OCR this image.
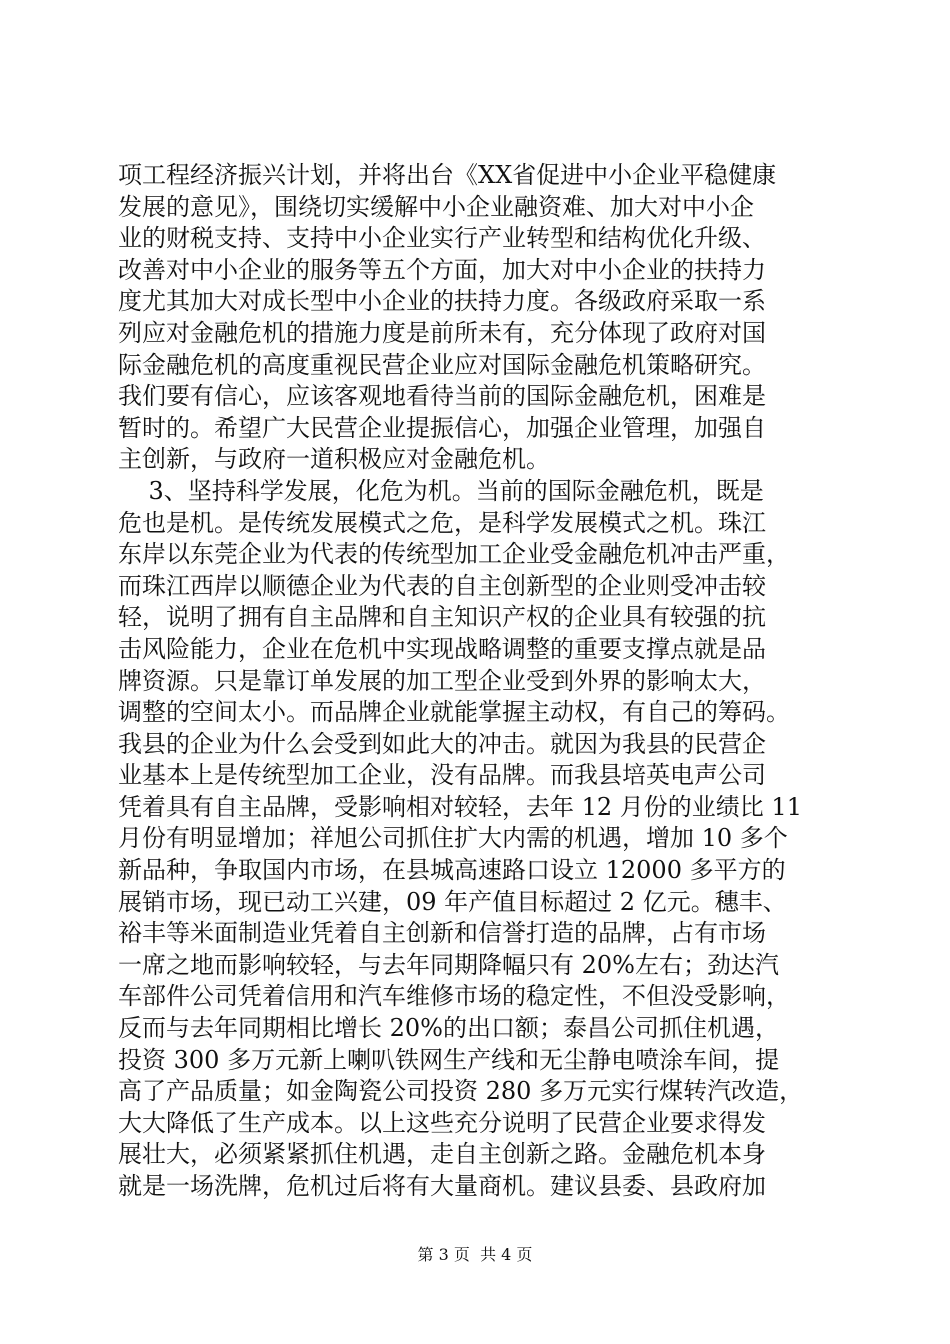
项工程经济振兴计划，并将出台《XX省促进中小企业平稳健康
发展的意见》，围绕切实缓解中小企业融资难、加大对中小企
业的财税支持、支持中小企业实行产业转型和结构优化升级、
改善对中小企业的服务等五个方面，加大对中小企业的扶持力
度尤其加大对成长型中小企业的扶持力度。各级政府采取一系
列应对金融危机的措施力度是前所未有，充分体现了政府对国
际金融危机的高度重视民营企业应对国际金融危机策略研究。
我们要有信心，应该客观地看待当前的国际金融危机，困难是
暂时的。希望广大民营企业提振信心，加强企业管理，加强自
主创新，与政府一道积极应对金融危机。
3、坚持科学发展，化危为机。当前的国际金融危机，既是
危也是机。是传统发展模式之危，是科学发展模式之机。珠江
东岸以东莞企业为代表的传统型加工企业受金融危机冲击严重，
而珠江西岸以顺德企业为代表的自主创新型的企业则受冲击较
轻，说明了拥有自主品牌和自主知识产权的企业具有较强的抗
击风险能力，企业在危机中实现战略调整的重要支撑点就是品
牌资源。只是靠订单发展的加工型企业受到外界的影响太大，
调整的空间太小。而品牌企业就能掌握主动权，有自己的筹码。
我县的企业为什么会受到如此大的冲击。就因为我县的民营企
业基本上是传统型加工企业，没有品牌。而我县培英电声公司
凭着具有自主品牌，受影响相对较轻，去年 12 月份的业绩比 11
月份有明显增加；祥旭公司抓住扩大内需的机遇，增加 10 多个
新品种，争取国内市场，在县城高速路口设立 12000 多平方的
展销市场，现已动工兴建，09 年产值目标超过 2 亿元。穗丰、
裕丰等米面制造业凭着自主创新和信誉打造的品牌，占有市场
一席之地而影响较轻，与去年同期降幅只有 20%左右；劲达汽
车部件公司凭着信用和汽车维修市场的稳定性，不但没受影响，
反而与去年同期相比增长 20%的出口额；泰昌公司抓住机遇，
投资 300 多万元新上喇叭铁网生产线和无尘静电喷涂车间，提
高了产品质量；如金陶瓷公司投资 280 多万元实行煤转汽改造，
大大降低了生产成本。以上这些充分说明了民营企业要求得发
展壮大，必须紧紧抓住机遇，走自主创新之路。金融危机本身
就是一场洗牌，危机过后将有大量商机。建议县委、县政府加
第 3 页  共 4 页
